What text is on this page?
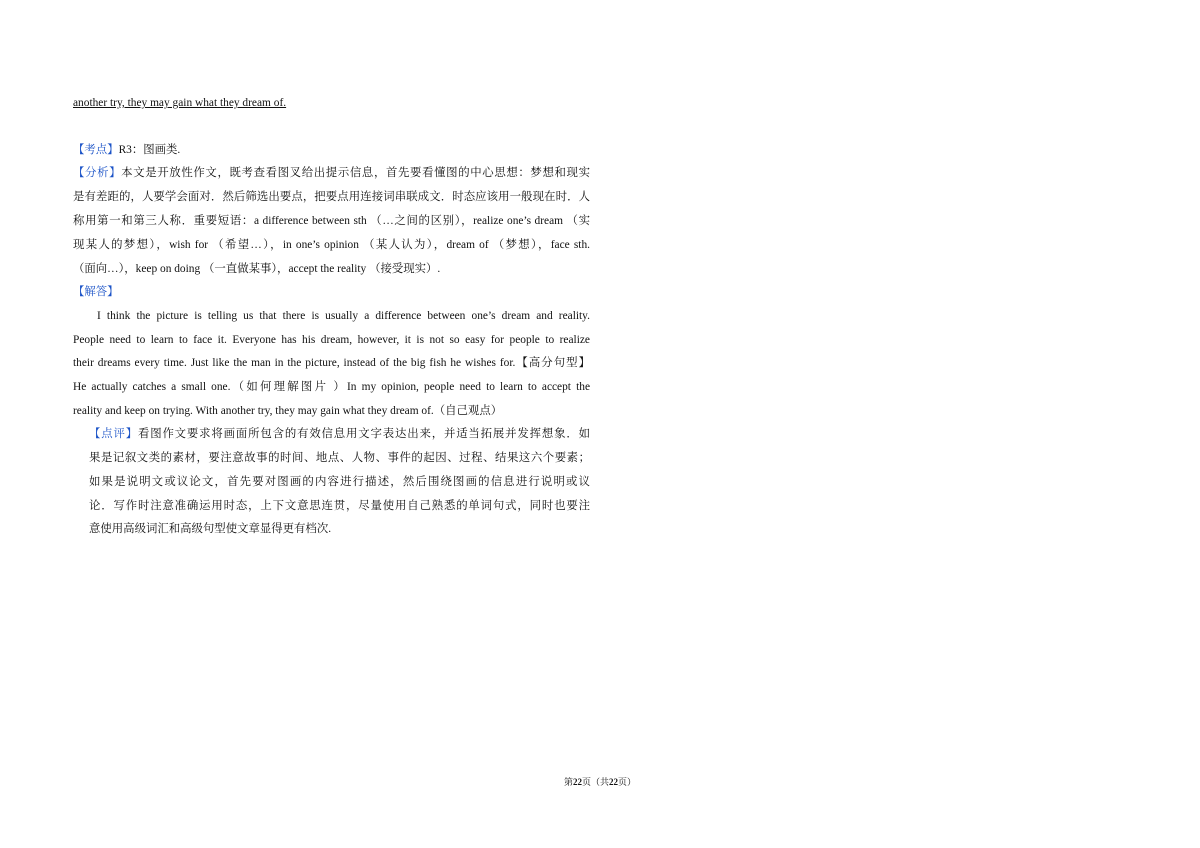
another try, they may gain what they dream of.
【考点】R3：图画类.
【分析】本文是开放性作文，既考查看图叉给出提示信息，首先要看懂图的中心思想：梦想和现实
是有差距的，人要学会面对．然后筛选出要点，把要点用连接词串联成文．时态应该用一般现在时．人
称用第一和第三人称．重要短语：a difference between sth （…之间的区别），realize one’s dream （实
现某人的梦想），wish for （希望…），in one’s opinion （某人认为），dream of （梦想），face sth.
（面向…），keep on doing （一直做某事），accept the reality （接受现实）.
【解答】
I think the picture is telling us that there is usually a difference between one’s dream and reality.
People need to learn to face it. Everyone has his dream, however, it is not so easy for people to realize
their dreams every time. Just like the man in the picture, instead of the big fish he wishes for.【高分句型】
He actually catches a small one.（如何理解图片 ）In my opinion, people need to learn to accept the
reality and keep on trying. With another try, they may gain what they dream of.（自己观点）
【点评】看图作文要求将画面所包含的有效信息用文字表达出来，并适当拓展并发挥想象．如
果是记叙文类的素材，要注意故事的时间、地点、人物、事件的起因、过程、结果这六个要素；
如果是说明文或议论文，首先要对图画的内容进行描述，然后围绕图画的信息进行说明或议
论．写作时注意准确运用时态，上下文意思连贯，尽量使用自己熟悉的单词句式，同时也要注
意使用高级词汇和高级句型使文章显得更有档次.
第22页（共22页）
